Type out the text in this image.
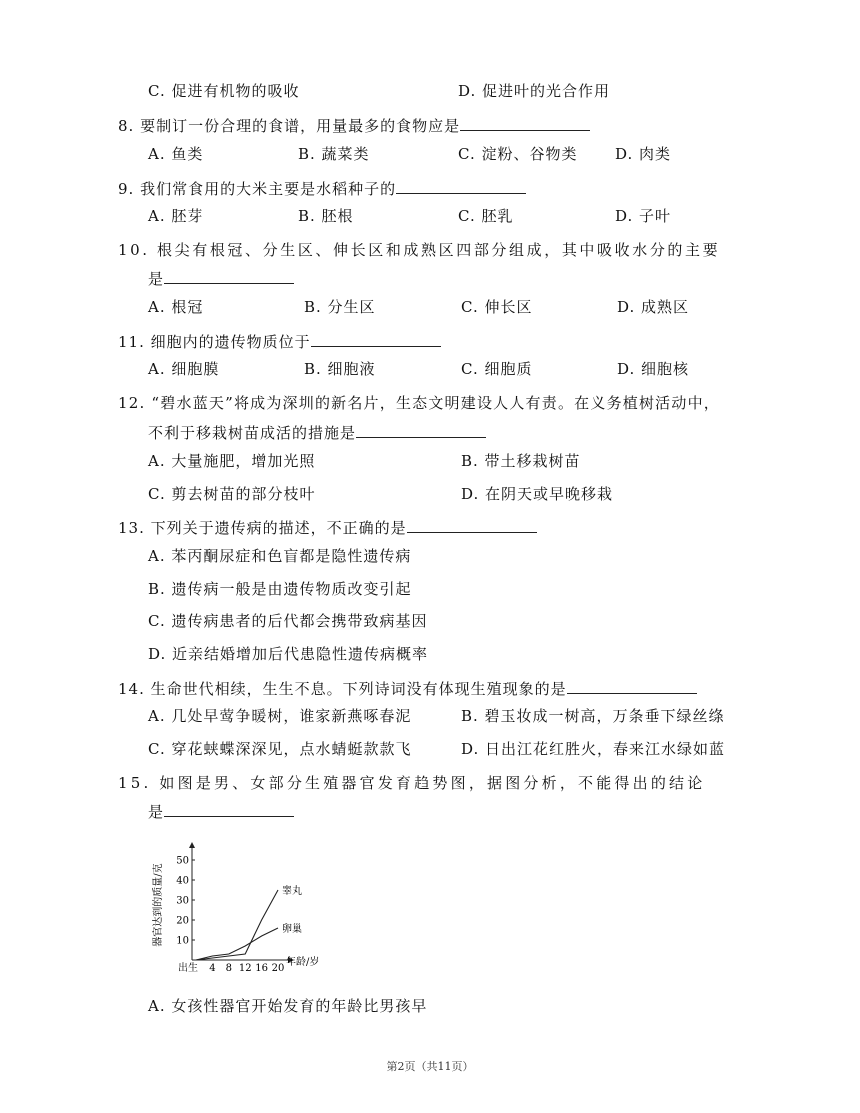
C. 促进有机物的吸收	D. 促进叶的光合作用
8. 要制订一份合理的食谱，用量最多的食物应是
A. 鱼类	B. 蔬菜类	C. 淀粉、谷物类	D. 肉类
9. 我们常食用的大米主要是水稻种子的
A. 胚芽	B. 胚根	C. 胚乳	D. 子叶
10. 根尖有根冠、分生区、伸长区和成熟区四部分组成，其中吸收水分的主要
是
A. 根冠	B. 分生区	C. 伸长区	D. 成熟区
11. 细胞内的遗传物质位于
A. 细胞膜	B. 细胞液	C. 细胞质	D. 细胞核
12. “碧水蓝天”将成为深圳的新名片，生态文明建设人人有责。在义务植树活动中，
不利于移栽树苗成活的措施是
A. 大量施肥，增加光照	B. 带土移栽树苗
C. 剪去树苗的部分枝叶	D. 在阴天或早晚移栽
13. 下列关于遗传病的描述，不正确的是
A. 苯丙酮尿症和色盲都是隐性遗传病
B. 遗传病一般是由遗传物质改变引起
C. 遗传病患者的后代都会携带致病基因
D. 近亲结婚增加后代患隐性遗传病概率
14. 生命世代相续，生生不息。下列诗词没有体现生殖现象的是
A. 几处早莺争暖树，谁家新燕啄春泥	B. 碧玉妆成一树高，万条垂下绿丝绦
C. 穿花蛱蝶深深见，点水蜻蜓款款飞	D. 日出江花红胜火，春来江水绿如蓝
15. 如图是男、女部分生殖器官发育趋势图，据图分析，不能得出的结论
是
器官达到的质量/克
50
40
30
20
10
出生 4 8 12 16 20
睾丸
卵巢
年龄/岁
A. 女孩性器官开始发育的年龄比男孩早
第2页（共11页）
